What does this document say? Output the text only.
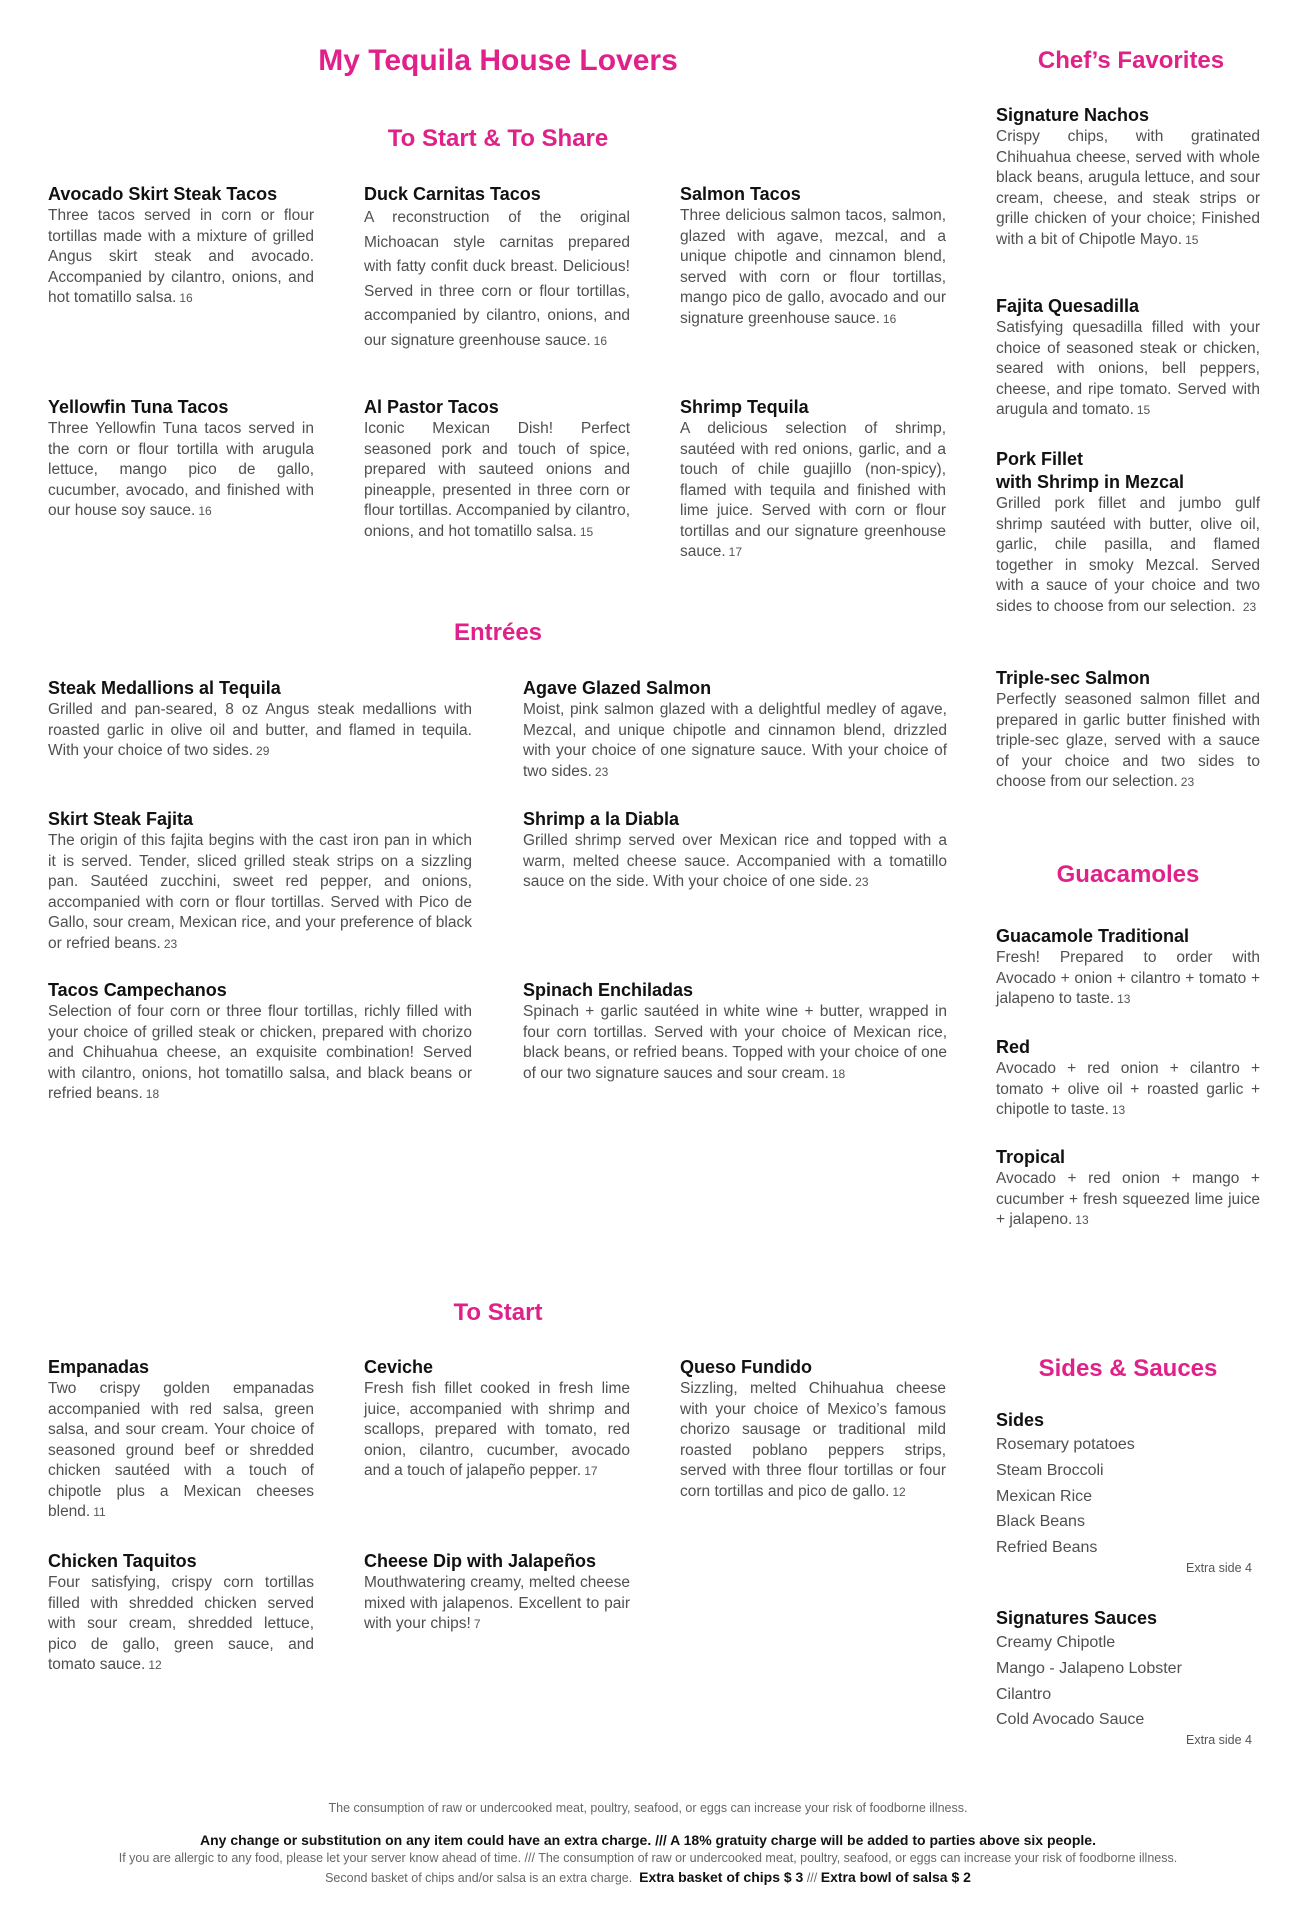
My Tequila House Lovers
To Start & To Share
Chef’s Favorites
Avocado Skirt Steak Tacos
Three tacos served in corn or flour tortillas made with a mixture of grilled Angus skirt steak and avocado. Accompanied by cilantro, onions, and hot tomatillo salsa. 16
Duck Carnitas Tacos
A reconstruction of the original Michoacan style carnitas prepared with fatty confit duck breast. Delicious! Served in three corn or flour tortillas, accompanied by cilantro, onions, and our signature greenhouse sauce. 16
Salmon Tacos
Three delicious salmon tacos, salmon, glazed with agave, mezcal, and a unique chipotle and cinnamon blend, served with corn or flour tortillas, mango pico de gallo, avocado and our signature greenhouse sauce. 16
Yellowfin Tuna Tacos
Three Yellowfin Tuna tacos served in the corn or flour tortilla with arugula lettuce, mango pico de gallo, cucumber, avocado, and finished with our house soy sauce. 16
Al Pastor Tacos
Iconic Mexican Dish! Perfect seasoned pork and touch of spice, prepared with sauteed onions and pineapple, presented in three corn or flour tortillas. Accompanied by cilantro, onions, and hot tomatillo salsa. 15
Shrimp Tequila
A delicious selection of shrimp, sautéed with red onions, garlic, and a touch of chile guajillo (non-spicy), flamed with tequila and finished with lime juice. Served with corn or flour tortillas and our signature greenhouse sauce. 17
Entrées
Steak Medallions al Tequila
Grilled and pan-seared, 8 oz Angus steak medallions with roasted garlic in olive oil and butter, and flamed in tequila. With your choice of two sides. 29
Agave Glazed Salmon
Moist, pink salmon glazed with a delightful medley of agave, Mezcal, and unique chipotle and cinnamon blend, drizzled with your choice of one signature sauce. With your choice of two sides. 23
Skirt Steak Fajita
The origin of this fajita begins with the cast iron pan in which it is served. Tender, sliced grilled steak strips on a sizzling pan. Sautéed zucchini, sweet red pepper, and onions, accompanied with corn or flour tortillas. Served with Pico de Gallo, sour cream, Mexican rice, and your preference of black or refried beans. 23
Shrimp a la Diabla
Grilled shrimp served over Mexican rice and topped with a warm, melted cheese sauce. Accompanied with a tomatillo sauce on the side. With your choice of one side. 23
Tacos Campechanos
Selection of four corn or three flour tortillas, richly filled with your choice of grilled steak or chicken, prepared with chorizo and Chihuahua cheese, an exquisite combination! Served with cilantro, onions, hot tomatillo salsa, and black beans or refried beans. 18
Spinach Enchiladas
Spinach + garlic sautéed in white wine + butter, wrapped in four corn tortillas. Served with your choice of Mexican rice, black beans, or refried beans. Topped with your choice of one of our two signature sauces and sour cream. 18
To Start
Empanadas
Two crispy golden empanadas accompanied with red salsa, green salsa, and sour cream. Your choice of seasoned ground beef or shredded chicken sautéed with a touch of chipotle plus a Mexican cheeses blend. 11
Ceviche
Fresh fish fillet cooked in fresh lime juice, accompanied with shrimp and scallops, prepared with tomato, red onion, cilantro, cucumber, avocado and a touch of jalapeño pepper. 17
Queso Fundido
Sizzling, melted Chihuahua cheese with your choice of Mexico’s famous chorizo sausage or traditional mild roasted poblano peppers strips, served with three flour tortillas or four corn tortillas and pico de gallo. 12
Chicken Taquitos
Four satisfying, crispy corn tortillas filled with shredded chicken served with sour cream, shredded lettuce, pico de gallo, green sauce, and tomato sauce. 12
Cheese Dip with Jalapeños
Mouthwatering creamy, melted cheese mixed with jalapenos. Excellent to pair with your chips! 7
Signature Nachos
Crispy chips, with gratinated Chihuahua cheese, served with whole black beans, arugula lettuce, and sour cream, cheese, and steak strips or grille chicken of your choice; Finished with a bit of Chipotle Mayo. 15
Fajita Quesadilla
Satisfying quesadilla filled with your choice of seasoned steak or chicken, seared with onions, bell peppers, cheese, and ripe tomato. Served with arugula and tomato. 15
Pork Fillet
with Shrimp in Mezcal
Grilled pork fillet and jumbo gulf shrimp sautéed with butter, olive oil, garlic, chile pasilla, and flamed together in smoky Mezcal. Served with a sauce of your choice and two sides to choose from our selection. 23
Triple-sec Salmon
Perfectly seasoned salmon fillet and prepared in garlic butter finished with triple-sec glaze, served with a sauce of your choice and two sides to choose from our selection. 23
Guacamoles
Guacamole Traditional
Fresh! Prepared to order with Avocado + onion + cilantro + tomato + jalapeno to taste. 13
Red
Avocado + red onion + cilantro + tomato + olive oil + roasted garlic + chipotle to taste. 13
Tropical
Avocado + red onion + mango + cucumber + fresh squeezed lime juice + jalapeno. 13
Sides & Sauces
Sides
Rosemary potatoes
Steam Broccoli
Mexican Rice
Black Beans
Refried Beans
Extra side 4
Signatures Sauces
Creamy Chipotle
Mango - Jalapeno Lobster
Cilantro
Cold Avocado Sauce
Extra side 4
The consumption of raw or undercooked meat, poultry, seafood, or eggs can increase your risk of foodborne illness.
Any change or substitution on any item could have an extra charge. /// A 18% gratuity charge will be added to parties above six people.
If you are allergic to any food, please let your server know ahead of time. /// The consumption of raw or undercooked meat, poultry, seafood, or eggs can increase your risk of foodborne illness.
Second basket of chips and/or salsa is an extra charge. Extra basket of chips $ 3 /// Extra bowl of salsa $ 2
